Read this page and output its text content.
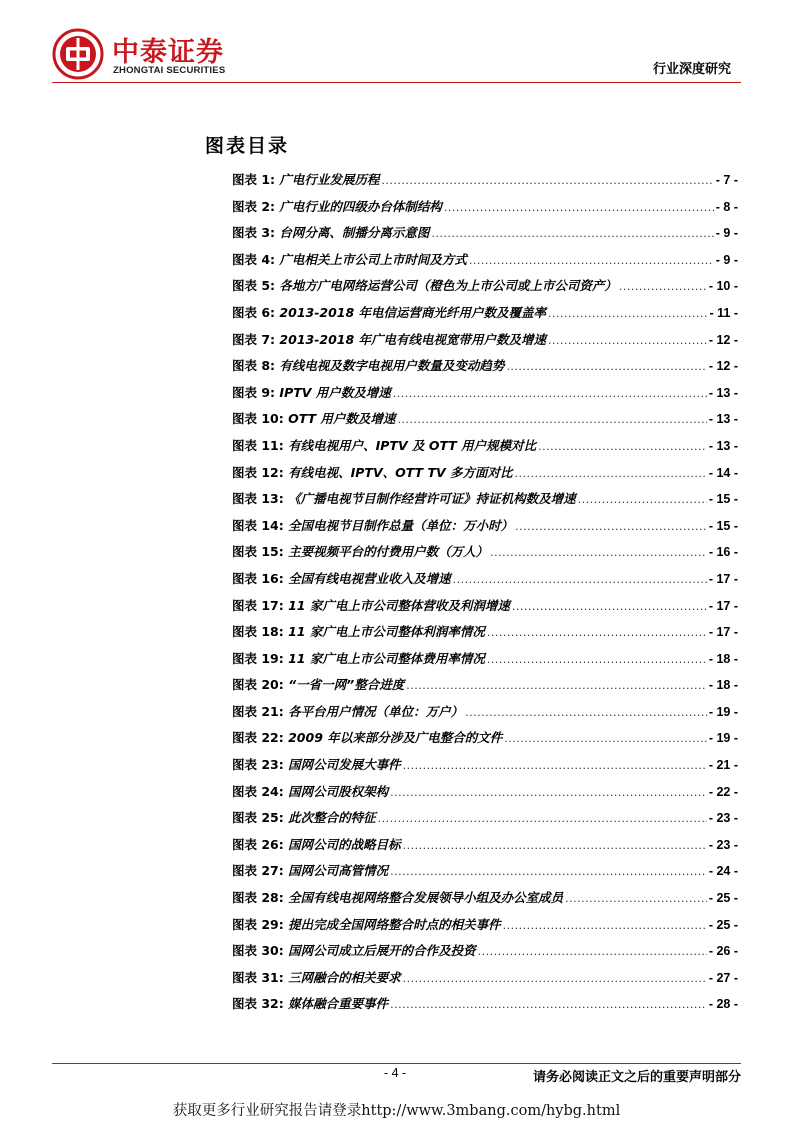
中泰证券
ZHONGTAI SECURITIES	行业深度研究
图表目录
图表 1:
广电行业发展历程 .....	- 7 -
图表 2:
广电行业的四级办台体制结构 .....	- 8 -
图表 3:
台网分离、制播分离示意图 .....	- 9 -
图表 4:
广电相关上市公司上市时间及方式 .....	- 9 -
图表 5:
各地方广电网络运营公司（橙色为上市公司或上市公司资产） .....	- 10 -
图表 6:
2013-2018 年电信运营商光纤用户数及覆盖率 .....	- 11 -
图表 7:
2013-2018 年广电有线电视宽带用户数及增速 .....	- 12 -
图表 8:
有线电视及数字电视用户数量及变动趋势 .....	- 12 -
图表 9:
IPTV 用户数及增速 .....	- 13 -
图表 10:
OTT 用户数及增速 .....	- 13 -
图表 11:
有线电视用户、IPTV 及 OTT 用户规模对比 .....	- 13 -
图表 12:
有线电视、IPTV、OTT TV 多方面对比 .....	- 14 -
图表 13:
《广播电视节目制作经营许可证》持证机构数及增速 .....	- 15 -
图表 14:
全国电视节目制作总量（单位：万小时） .....	- 15 -
图表 15:
主要视频平台的付费用户数（万人） .....	- 16 -
图表 16:
全国有线电视营业收入及增速 .....	- 17 -
图表 17:
11 家广电上市公司整体营收及利润增速 .....	- 17 -
图表 18:
11 家广电上市公司整体利润率情况 .....	- 17 -
图表 19:
11 家广电上市公司整体费用率情况 .....	- 18 -
图表 20:
“一省一网”整合进度 .....	- 18 -
图表 21:
各平台用户情况（单位：万户） .....	- 19 -
图表 22:
2009 年以来部分涉及广电整合的文件 .....	- 19 -
图表 23:
国网公司发展大事件 .....	- 21 -
图表 24:
国网公司股权架构 .....	- 22 -
图表 25:
此次整合的特征 .....	- 23 -
图表 26:
国网公司的战略目标 .....	- 23 -
图表 27:
国网公司高管情况 .....	- 24 -
图表 28:
全国有线电视网络整合发展领导小组及办公室成员 .....	- 25 -
图表 29:
提出完成全国网络整合时点的相关事件 .....	- 25 -
图表 30:
国网公司成立后展开的合作及投资 .....	- 26 -
图表 31:
三网融合的相关要求 .....	- 27 -
图表 32:
媒体融合重要事件 .....	- 28 -
- 4 -	请务必阅读正文之后的重要声明部分
获取更多行业研究报告请登录http://www.3mbang.com/hybg.html
